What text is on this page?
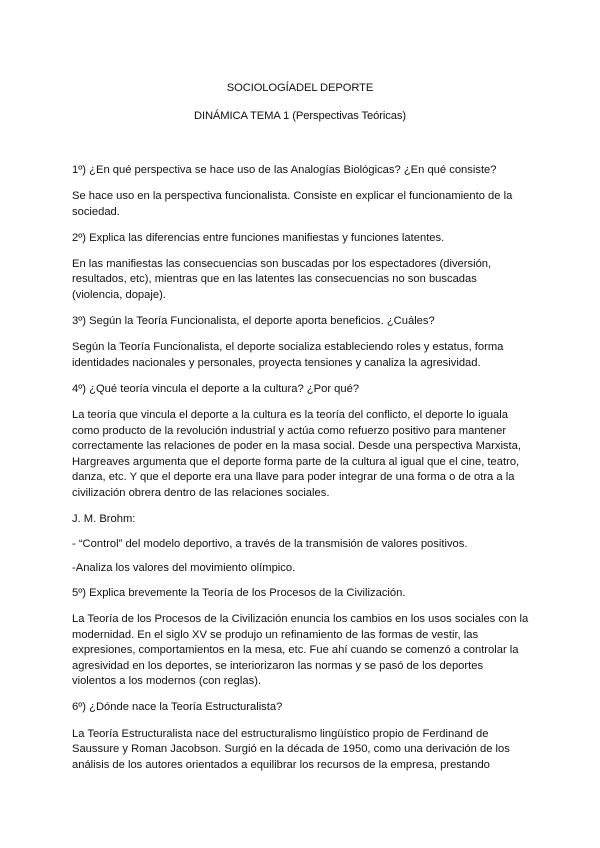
SOCIOLOGÍADEL DEPORTE

DINÁMICA TEMA 1 (Perspectivas Teóricas)

1º) ¿En qué perspectiva se hace uso de las Analogías Biológicas? ¿En qué consiste?

Se hace uso en la perspectiva funcionalista. Consiste en explicar el funcionamiento de la sociedad.

2º) Explica las diferencias entre funciones manifiestas y funciones latentes.

En las manifiestas las consecuencias son buscadas por los espectadores (diversión, resultados, etc), mientras que en las latentes las consecuencias no son buscadas (violencia, dopaje).

3º) Según la Teoría Funcionalista, el deporte aporta beneficios. ¿Cuáles?

Según la Teoría Funcionalista, el deporte socializa estableciendo roles y estatus, forma identidades nacionales y personales, proyecta tensiones y canaliza la agresividad.

4º) ¿Qué teoría vincula el deporte a la cultura? ¿Por qué?

La teoría que vincula el deporte a la cultura es la teoría del conflicto, el deporte lo iguala como producto de la revolución industrial y actúa como refuerzo positivo para mantener correctamente las relaciones de poder en la masa social. Desde una perspectiva Marxista, Hargreaves argumenta que el deporte forma parte de la cultura al igual que el cine, teatro, danza, etc. Y que el deporte era una llave para poder integrar de una forma o de otra a la civilización obrera dentro de las relaciones sociales.

J. M. Brohm:

- “Control” del modelo deportivo, a través de la transmisión de valores positivos.

-Analiza los valores del movimiento olímpico.

5º) Explica brevemente la Teoría de los Procesos de la Civilización.

La Teoría de los Procesos de la Civilización enuncia los cambios en los usos sociales con la modernidad. En el siglo XV se produjo un refinamiento de las formas de vestir, las expresiones, comportamientos en la mesa, etc. Fue ahí cuando se comenzó a controlar la agresividad en los deportes, se interiorizaron las normas y se pasó de los deportes violentos a los modernos (con reglas).

6º) ¿Dónde nace la Teoría Estructuralista?

La Teoría Estructuralista nace del estructuralismo lingüístico propio de Ferdinand de Saussure y Roman Jacobson. Surgió en la década de 1950, como una derivación de los análisis de los autores orientados a equilibrar los recursos de la empresa, prestando
